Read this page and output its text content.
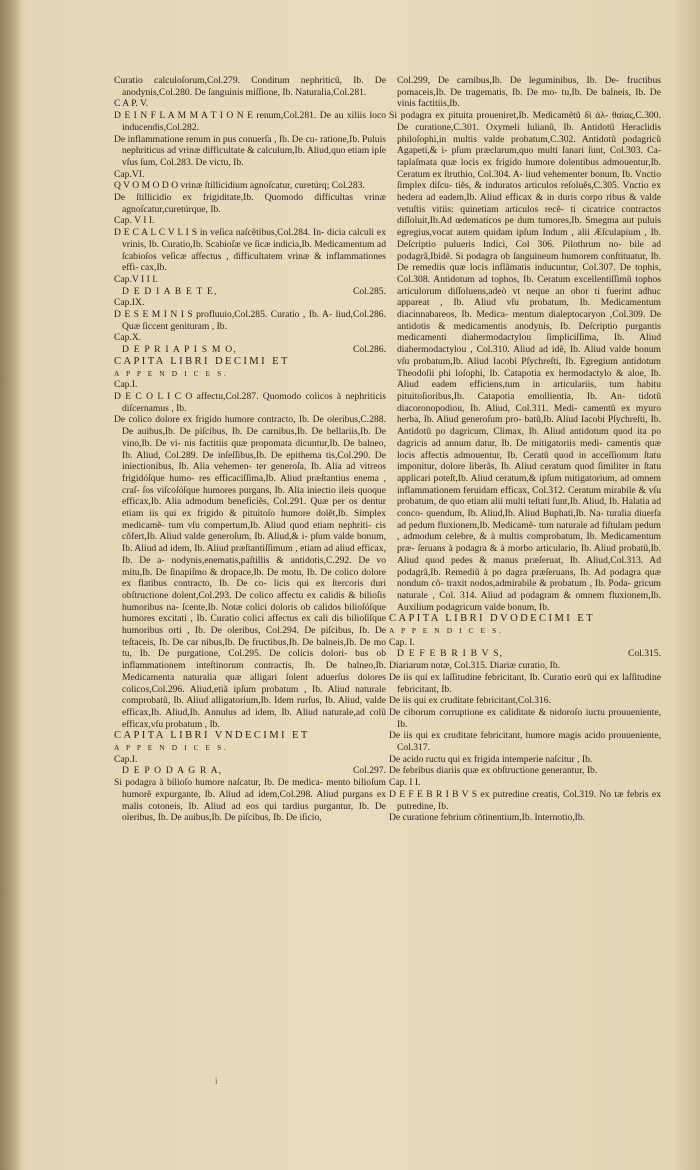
Curatio calculoſorum,Col.279. Conditum nephriticũ, Ib. De anodynis,Col.280. De ſanguinis miſſione, Ib. Naturalia,Col.281.

C A P. V.

D E I N F L A M M A T I O N E renum,Col.281. De au xiliis loco inducendis,Col.282.

De inflammatione renum in pus conuerſa , Ib. De cu- ratione,Ib. Puluis nephriticus ad vrinæ difficultate & calculum,Ib. Aliud,quo etiam ipſe vſus ſum, Col.283. De victu, Ib.

Cap.VI.

Q V O M O D O vrinæ ſtillicidium agnoſcatur, curetúrq; Col.283.

De ſtillicidio ex frigiditate,Ib. Quomodo difficultas vrinæ agnoſcatur,curetúrque, Ib.

Cap. V I I.

D E C A L C V L I S in veſica naſcẽtibus,Col.284. In- dicia calculi ex vrinis, Ib. Curatio,Ib. Scabioſæ ve ſicæ indicia,Ib. Medicamentum ad ſcabioſos veſicæ affectus , difficultatem vrinæ & inflammationes effi- cax,Ib.

Cap.V I I I.

D E D I A B E T E,	Col.285.

Cap.IX.

D E S E M I N I S profluuio,Col.285. Curatio , Ib. A- liud,Col.286. Quæ ſiccent genituram , Ib.

Cap.X.

D E P R I A P I S M O,	Col.286.

CAPITA LIBRI DECIMI ET

A P P E N D I C E S.

Cap.I.

D E C O L I C O affectu,Col.287. Quomodo colicos à nephriticis diſcernamus , Ib.

De colico dolore ex frigido humore contracto, Ib. De oleribus,C.288. De auibus,Ib. De piſcibus, Ib. De carnibus,Ib. De bellariis,Ib. De vino,Ib. De vi- nis factitiis quæ propomata dicuntur,Ib. De balneo, Ib. Aliud, Col.289. De inſeſſibus,Ib. De epithema tis,Col.290. De iniectionibus, Ib. Alia vehemen- ter generoſa, Ib. Alia ad vitreos frigidóſque humo- res efficaciſſima,Ib. Aliud præſtantius enema , craſ- ſos viſcoſóſque humores purgans, Ib. Alia iniectio ileis quoque efficax,Ib. Alia admodum beneficiẽs, Col.291. Quæ per os dentur etiam iis qui ex frigido & pituitoſo humore dolẽt,Ib. Simplex medicamẽ- tum vſu compertum,Ib. Aliud quod etiam nephriti- cis cõfert,Ib. Aliud valde generoſum, Ib. Aliud,& i- pſum valde bonum, Ib. Aliud ad idem, Ib. Aliud præſtantiſſimum , etiam ad aliud efficax, Ib. De a- nodynis,enematis,paſtillis & antidotis,C.292. De vo mitu,Ib. De ſinapiſmo & dropace,Ib. De motu, Ib. De colico dolore ex flatibus contracto, Ib. De co- licis qui ex ſtercoris duri obſtructione dolent,Col.293. De colico affectu ex calidis & bilioſis humoribus na- ſcente,Ib. Notæ colici doloris ob calidos bilioſóſque humores excitati , Ib. Curatio colici affectus ex cali dis bilioſíſque humoribus orti , Ib. De oleribus, Col.294. De piſcibus, Ib. De teſtaceis, Ib. De car nibus,Ib. De fructibus,Ib. De balneis,Ib. De mo tu, Ib. De purgatione, Col.295. De colicis dolori- bus ob inflammationem inteſtinorum contractis, Ib. De balneo,Ib. Medicamenta naturalia quæ alligari ſolent aduerſus dolores colicos,Col.296. Aliud,etiã ipſum probatum , Ib. Aliud naturale comprobatũ, Ib. Aliud alligatorium,Ib. Idem rurſus, Ib. Aliud, valde efficax,Ib. Aliud,Ib. Annulus ad idem, Ib. Aliud naturale,ad colũ efficax,vſu probatum , Ib.

CAPITA LIBRI VNDECIMI ET

A P P E N D I C E S.

Cap.I.

D E P O D A G R A,	Col.297.

Si podagra à bilioſo humore naſcatur, Ib. De medica- mento bilioſum humorẽ expurgante, Ib. Aliud ad idem,Col.298. Aliud purgans ex malis cotoneis, Ib. Aliud ad eos qui tardius purgantur, Ib. De oleribus, Ib. De auibus,Ib. De piſcibus, Ib. De iſicio,

Col.299, De carnibus,Ib. De leguminibus, Ib. De- fructibus pomaceis,Ib. De tragematis, Ib. De mo- tu,Ib. De balneis, Ib. De vinis factitiis,Ib.

Si podagra ex pituita proueniret,Ib. Medicamẽtũ δὶ ἀλ- θαίας,C.300. De curatione,C.301. Oxymeli Iulianũ, Ib. Antidotũ Heraclidis philoſophi,in multis valde probatum,C.302. Antidotũ podagricũ Agapeti,& i- pſum præclarum,quo multi ſanari ſunt, Col.303. Ca- taplaſmata quæ locis ex frigido humore dolentibus admouentur,Ib. Ceratum ex ſtruthio, Col.304. A- liud vehementer bonum, Ib. Vnctio ſimplex diſcu- tiẽs, & induratos articulos reſoluẽs,C.305. Vnctio ex hedera ad eadem,Ib. Aliud efficax & in duris corpo ribus & valde vetuſtis vitiis: quinetiam articulos recẽ- ti cicatrice contractos diſſoluit,Ib.Ad œdematicos pe dum tumores,Ib. Smegma aut puluis egregius,vocat autem quidam ipſum Indum , alii Æſculapium , Ib. Deſcriptio pulueris Indici, Col 306. Pilothrum no- bile ad podagrã,Ibidẽ. Si podagra ob ſanguineum humorem conſtituatur, Ib. De remediis quæ locis inflãmatis inducuntur, Col.307. De tophis, Col.308. Antidotum ad tophos, Ib. Ceratum excellentiſſimũ tophos articulorum diſſoluens,adeò vt neque an obor ti fuerint adhuc appareat , Ib. Aliud vſu probatum, Ib. Medicamentum diacinnabareos, Ib. Medica- mentum dialeptocaryon ,Col.309. De antidotis & medicamentis anodynis, Ib. Deſcriptio purgantis medicamenti diahermodactylou ſimpliciſſima, Ib. Aliud diahermodactylou , Col.310. Aliud ad idẽ, Ib. Aliud valde bonum vſu probatum,Ib. Aliud Iacobi Pſychreſti, Ib. Egregium antidotum Theodoſii phi loſophi, Ib. Catapotia ex hermodactylo & aloe, Ib. Aliud eadem efficiens,tum in articulariis, tum habitu pituitoſioribus,Ib. Catapotia emollientia, Ib. An- tidotũ diacoronopodiou, Ib. Aliud, Col.311. Medi- camentũ ex myuro herba, Ib. Aliud generoſum pro- batũ,Ib. Aliud Iacobi Pſychreſti, Ib. Antidotũ po dagricum, Climax, Ib. Aliud antidotum quod ita po dagricis ad annum datur, Ib. De mitigatoriis medi- camentis quæ locis affectis admouentur, Ib. Ceratũ quod in acceſſionum ſtatu imponitur, dolore liberãs, Ib. Aliud ceratum quod ſimiliter in ſtatu applicari poteſt,Ib. Aliud ceratum,& ipſum mitigatorium, ad omnem inflammationem feruidam efficax, Col.312. Ceratum mirabile & vſu probatum, de quo etiam alii multi teſtati ſunt,Ib. Aliud, Ib. Halatia ad conco- quendum, Ib. Aliud,Ib. Aliud Buphati,Ib. Na- turalia diuerſa ad pedum fluxionem,Ib. Medicamẽ- tum naturale ad fiſtulam pedum , admodum celebre, & à multis comprobatum, Ib. Medicamentum præ- ſeruans à podagra & à morbo articulario, Ib. Aliud probatũ,Ib. Aliud quod pedes & manus præſeruat, Ib. Aliud,Col.313. Ad podagrã,Ib. Remediũ à po dagra præſeruans, Ib. Ad podagra quæ nondum cõ- traxit nodos,admirabile & probatum , Ib. Poda- gricum naturale , Col. 314. Aliud ad podagram & omnem fluxionem,Ib. Auxilium podagricum valde bonum, Ib.

CAPITA LIBRI DVODECIMI ET

A P P E N D I C E S.

Cap. I.

D E F E B R I B V S,	Col.315.

Diariarum notæ, Col.315. Diariæ curatio, Ib.

De iis qui ex laſſitudine febricitant, Ib. Curatio eorũ qui ex laſſitudine febricitant, Ib.

De iis qui ex cruditate febricitant,Col.316.

De ciborum corruptione ex caliditate & nidoroſo iuctu prouueniente, Ib.

De iis qui ex cruditate febricitant, humore magis acido prouueniente, Col.317.

De acido ructu qui ex frigida intemperie naſcitur , Ib.

De febribus diariis quæ ex obſtructione generantur, Ib.

Cap. I I.

D E F E B R I B V S ex putredine creatis, Col.319. No tæ febris ex putredine, Ib.

De curatione febrium cõtinentium,Ib. Internotio,Ib.

i
